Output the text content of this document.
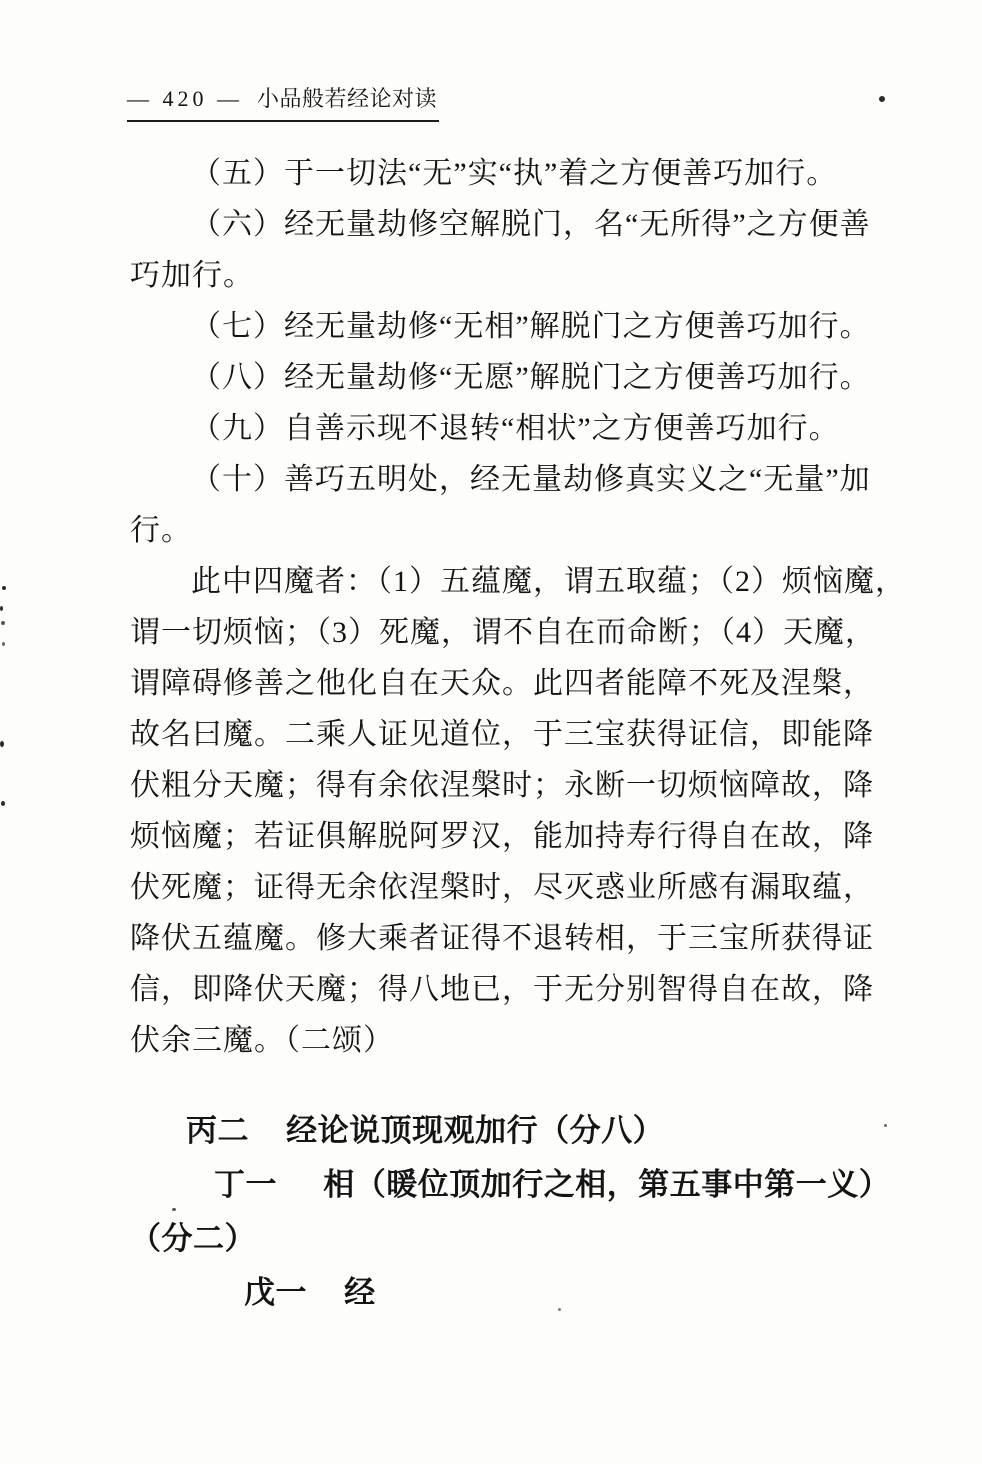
— 420 — 小品般若经论对读
（五）于一切法“无”实“执”着之方便善巧加行。
（六）经无量劫修空解脱门，名“无所得”之方便善
巧加行。
（七）经无量劫修“无相”解脱门之方便善巧加行。
（八）经无量劫修“无愿”解脱门之方便善巧加行。
（九）自善示现不退转“相状”之方便善巧加行。
（十）善巧五明处，经无量劫修真实义之“无量”加
行。
此中四魔者：（1）五蕴魔，谓五取蕴；（2）烦恼魔，
谓一切烦恼；（3）死魔，谓不自在而命断；（4）天魔，
谓障碍修善之他化自在天众。此四者能障不死及涅槃，
故名曰魔。二乘人证见道位，于三宝获得证信，即能降
伏粗分天魔；得有余依涅槃时；永断一切烦恼障故，降
烦恼魔；若证俱解脱阿罗汉，能加持寿行得自在故，降
伏死魔；证得无余依涅槃时，尽灭惑业所感有漏取蕴，
降伏五蕴魔。修大乘者证得不退转相，于三宝所获得证
信，即降伏天魔；得八地已，于无分别智得自在故，降
伏余三魔。（二颂）
丙二 经论说顶现观加行（分八）
丁一 相（暖位顶加行之相，第五事中第一义）
（分二）
戊一 经
